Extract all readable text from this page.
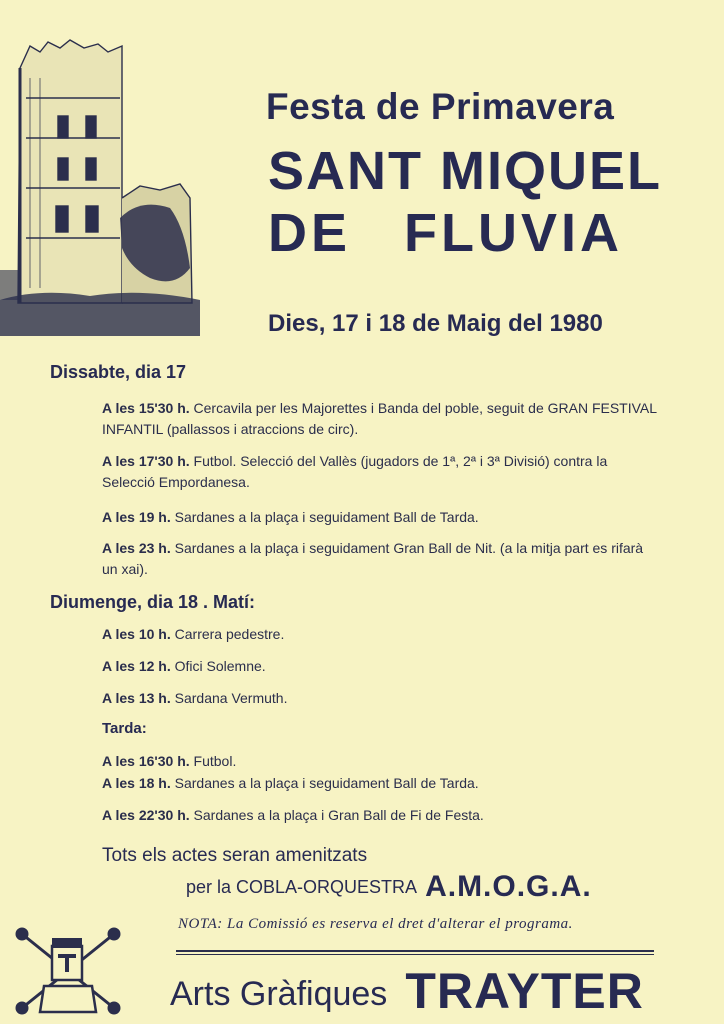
Festa de Primavera
SANT MIQUEL
DE FLUVIA
Dies, 17 i 18 de Maig del 1980
Dissabte, dia 17
A les 15'30 h. Cercavila per les Majorettes i Banda del poble, seguit de GRAN FESTIVAL INFANTIL (pallassos i atraccions de circ).
A les 17'30 h. Futbol. Selecció del Vallès (jugadors de 1ª, 2ª i 3ª Divisió) contra la Selecció Empordanesa.
A les 19 h. Sardanes a la plaça i seguidament Ball de Tarda.
A les 23 h. Sardanes a la plaça i seguidament Gran Ball de Nit. (a la mitja part es rifarà un xai).
Diumenge, dia 18 . Matí:
A les 10 h. Carrera pedestre.
A les 12 h. Ofici Solemne.
A les 13 h. Sardana Vermuth.
Tarda:
A les 16'30 h. Futbol.
A les 18 h. Sardanes a la plaça i seguidament Ball de Tarda.
A les 22'30 h. Sardanes a la plaça i Gran Ball de Fi de Festa.
Tots els actes seran amenitzats
per la COBLA-ORQUESTRA A.M.O.G.A.
NOTA: La Comissió es reserva el dret d'alterar el programa.
Arts Gràfiques TRAYTER
